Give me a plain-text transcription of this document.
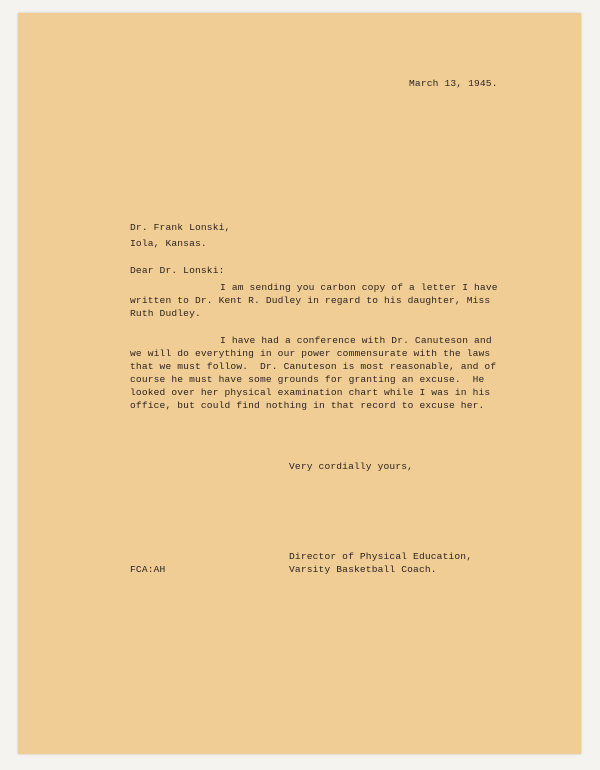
March 13, 1945.
Dr. Frank Lonski,
Iola, Kansas.
Dear Dr. Lonski:
I am sending you carbon copy of a letter I have
written to Dr. Kent R. Dudley in regard to his daughter, Miss
Ruth Dudley.
I have had a conference with Dr. Canuteson and
we will do everything in our power commensurate with the laws
that we must follow.  Dr. Canuteson is most reasonable, and of
course he must have some grounds for granting an excuse.  He
looked over her physical examination chart while I was in his
office, but could find nothing in that record to excuse her.
Very cordially yours,
Director of Physical Education,
Varsity Basketball Coach.
FCA:AH
